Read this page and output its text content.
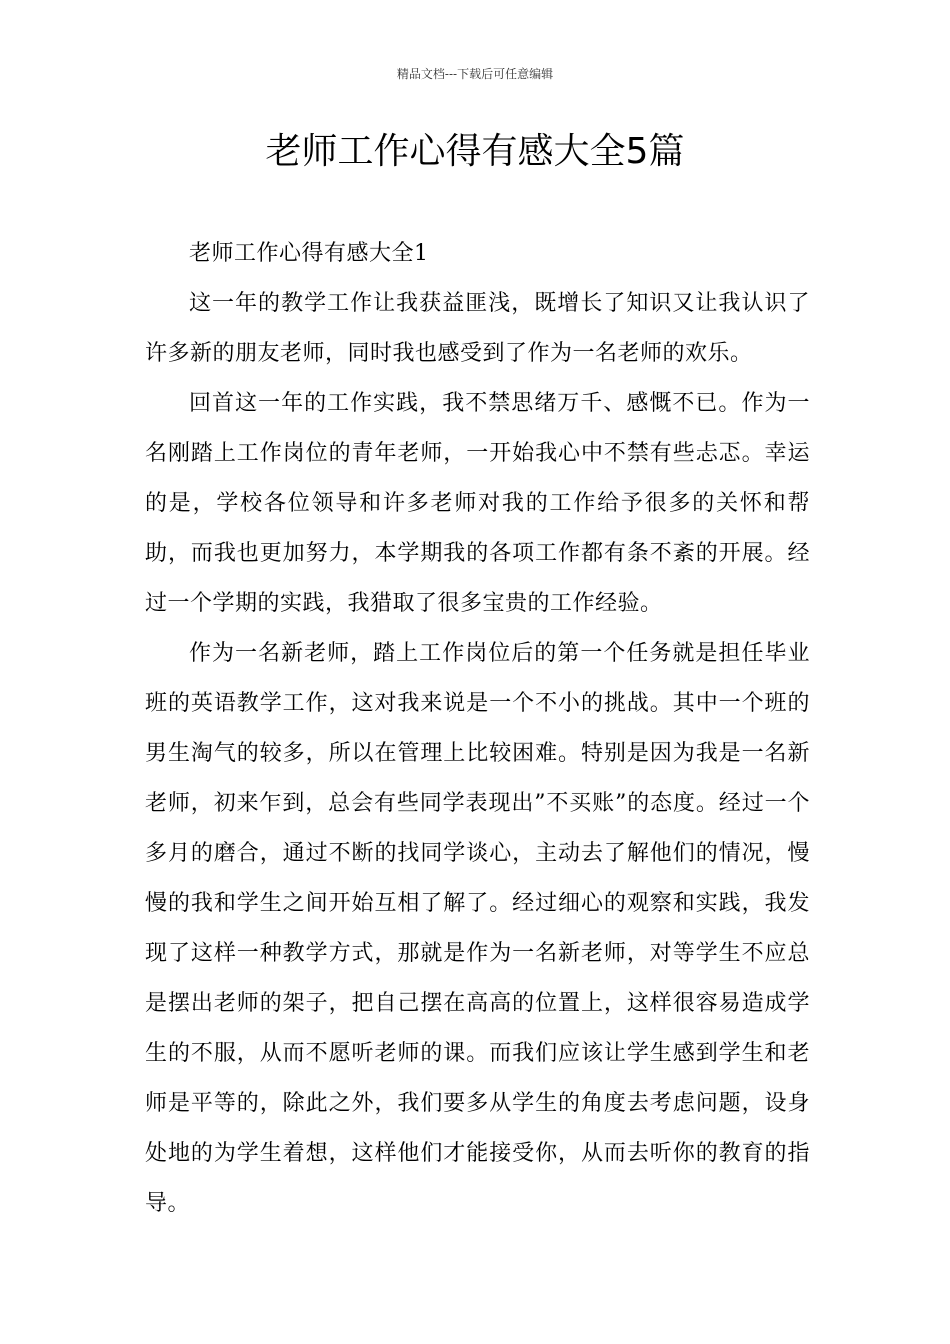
精品文档---下载后可任意编辑
老师工作心得有感大全5篇

老师工作心得有感大全1

这一年的教学工作让我获益匪浅，既增长了知识又让我认识了许多新的朋友老师，同时我也感受到了作为一名老师的欢乐。

回首这一年的工作实践，我不禁思绪万千、感慨不已。作为一名刚踏上工作岗位的青年老师，一开始我心中不禁有些忐忑。幸运的是，学校各位领导和许多老师对我的工作给予很多的关怀和帮助，而我也更加努力，本学期我的各项工作都有条不紊的开展。经过一个学期的实践，我猎取了很多宝贵的工作经验。

作为一名新老师，踏上工作岗位后的第一个任务就是担任毕业班的英语教学工作，这对我来说是一个不小的挑战。其中一个班的男生淘气的较多，所以在管理上比较困难。特别是因为我是一名新老师，初来乍到，总会有些同学表现出”不买账”的态度。经过一个多月的磨合，通过不断的找同学谈心，主动去了解他们的情况，慢慢的我和学生之间开始互相了解了。经过细心的观察和实践，我发现了这样一种教学方式，那就是作为一名新老师，对等学生不应总是摆出老师的架子，把自己摆在高高的位置上，这样很容易造成学生的不服，从而不愿听老师的课。而我们应该让学生感到学生和老师是平等的，除此之外，我们要多从学生的角度去考虑问题，设身处地的为学生着想，这样他们才能接受你，从而去听你的教育的指导。
